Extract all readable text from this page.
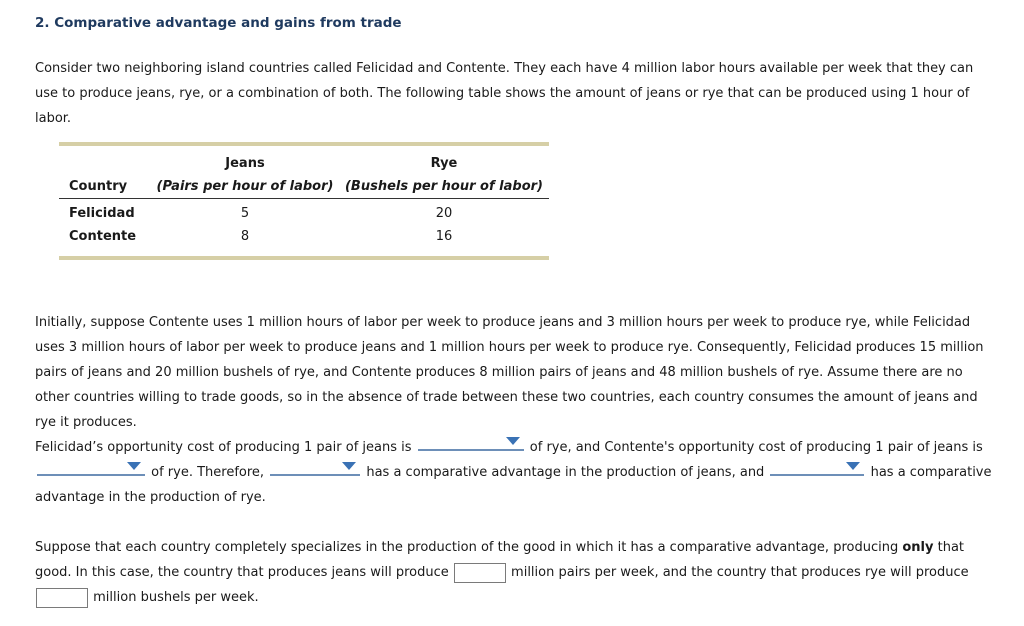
2. Comparative advantage and gains from trade
Consider two neighboring island countries called Felicidad and Contente. They each have 4 million labor hours available per week that they can use to produce jeans, rye, or a combination of both. The following table shows the amount of jeans or rye that can be produced using 1 hour of labor.
	Jeans	Rye
Country	(Pairs per hour of labor)	(Bushels per hour of labor)
Felicidad	5	20
Contente	8	16
Initially, suppose Contente uses 1 million hours of labor per week to produce jeans and 3 million hours per week to produce rye, while Felicidad uses 3 million hours of labor per week to produce jeans and 1 million hours per week to produce rye. Consequently, Felicidad produces 15 million pairs of jeans and 20 million bushels of rye, and Contente produces 8 million pairs of jeans and 48 million bushels of rye. Assume there are no other countries willing to trade goods, so in the absence of trade between these two countries, each country consumes the amount of jeans and rye it produces.
Felicidad’s opportunity cost of producing 1 pair of jeans is	of rye, and Contente's opportunity cost of producing 1 pair of jeans is
of rye. Therefore,	has a comparative advantage in the production of jeans, and	has a comparative advantage in the production of rye.
Suppose that each country completely specializes in the production of the good in which it has a comparative advantage, producing only that good. In this case, the country that produces jeans will produce	million pairs per week, and the country that produces rye will produce  million bushels per week.
